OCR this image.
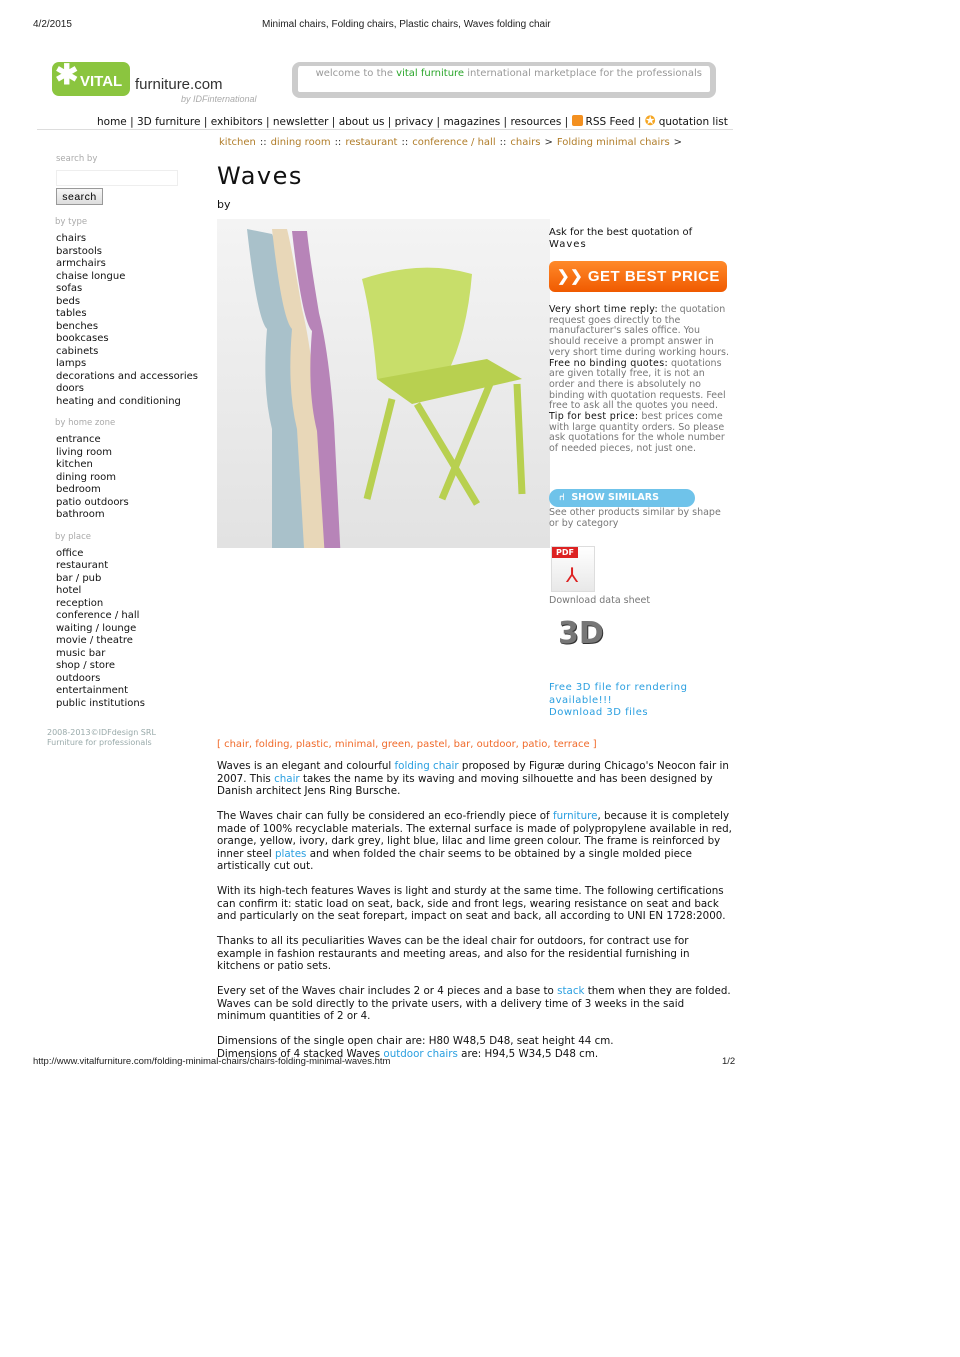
4/2/2015	Minimal chairs, Folding chairs, Plastic chairs, Waves folding chair
✱ VITAL furniture.com
by IDFinternational
welcome to the vital furniture international marketplace for the professionals
home | 3D furniture | exhibitors | newsletter | about us | privacy | magazines | resources | RSS Feed | ✪ quotation list
kitchen :: dining room :: restaurant :: conference / hall :: chairs > Folding minimal chairs >
search by
search
by type
chairs
barstools
armchairs
chaise longue
sofas
beds
tables
benches
bookcases
cabinets
lamps
decorations and accessories
doors
heating and conditioning
by home zone
entrance
living room
kitchen
dining room
bedroom
patio outdoors
bathroom
by place
office
restaurant
bar / pub
hotel
reception
conference / hall
waiting / lounge
movie / theatre
music bar
shop / store
outdoors
entertainment
public institutions
2008-2013©IDFdesign SRL
Furniture for professionals
Waves
by
Ask for the best quotation of
Waves
❯❯ GET BEST PRICE
Very short time reply: the quotation request goes directly to the manufacturer's sales office. You should receive a prompt answer in very short time during working hours.
Free no binding quotes: quotations are given totally free, it is not an order and there is absolutely no binding with quotation requests. Feel free to ask all the quotes you need.
Tip for best price: best prices come with large quantity orders. So please ask quotations for the whole number of needed pieces, not just one.
⑁ SHOW SIMILARS
See other products similar by shape or by category
PDF
⅄
Download data sheet
3D
Free 3D file for rendering available!!!
Download 3D files
[ chair, folding, plastic, minimal, green, pastel, bar, outdoor, patio, terrace ]

Waves is an elegant and colourful folding chair proposed by Figuræ during Chicago's Neocon fair in 2007. This chair takes the name by its waving and moving silhouette and has been designed by Danish architect Jens Ring Bursche.

The Waves chair can fully be considered an eco-friendly piece of furniture, because it is completely made of 100% recyclable materials. The external surface is made of polypropylene available in red, orange, yellow, ivory, dark grey, light blue, lilac and lime green colour. The frame is reinforced by inner steel plates and when folded the chair seems to be obtained by a single molded piece artistically cut out.

With its high-tech features Waves is light and sturdy at the same time. The following certifications can confirm it: static load on seat, back, side and front legs, wearing resistance on seat and back and particularly on the seat forepart, impact on seat and back, all according to UNI EN 1728:2000.

Thanks to all its peculiarities Waves can be the ideal chair for outdoors, for contract use for example in fashion restaurants and meeting areas, and also for the residential furnishing in kitchens or patio sets.

Every set of the Waves chair includes 2 or 4 pieces and a base to stack them when they are folded. Waves can be sold directly to the private users, with a delivery time of 3 weeks in the said minimum quantities of 2 or 4.

Dimensions of the single open chair are: H80 W48,5 D48, seat height 44 cm.
Dimensions of 4 stacked Waves outdoor chairs are: H94,5 W34,5 D48 cm.

http://www.vitalfurniture.com/folding-minimal-chairs/chairs-folding-minimal-waves.htm	1/2
